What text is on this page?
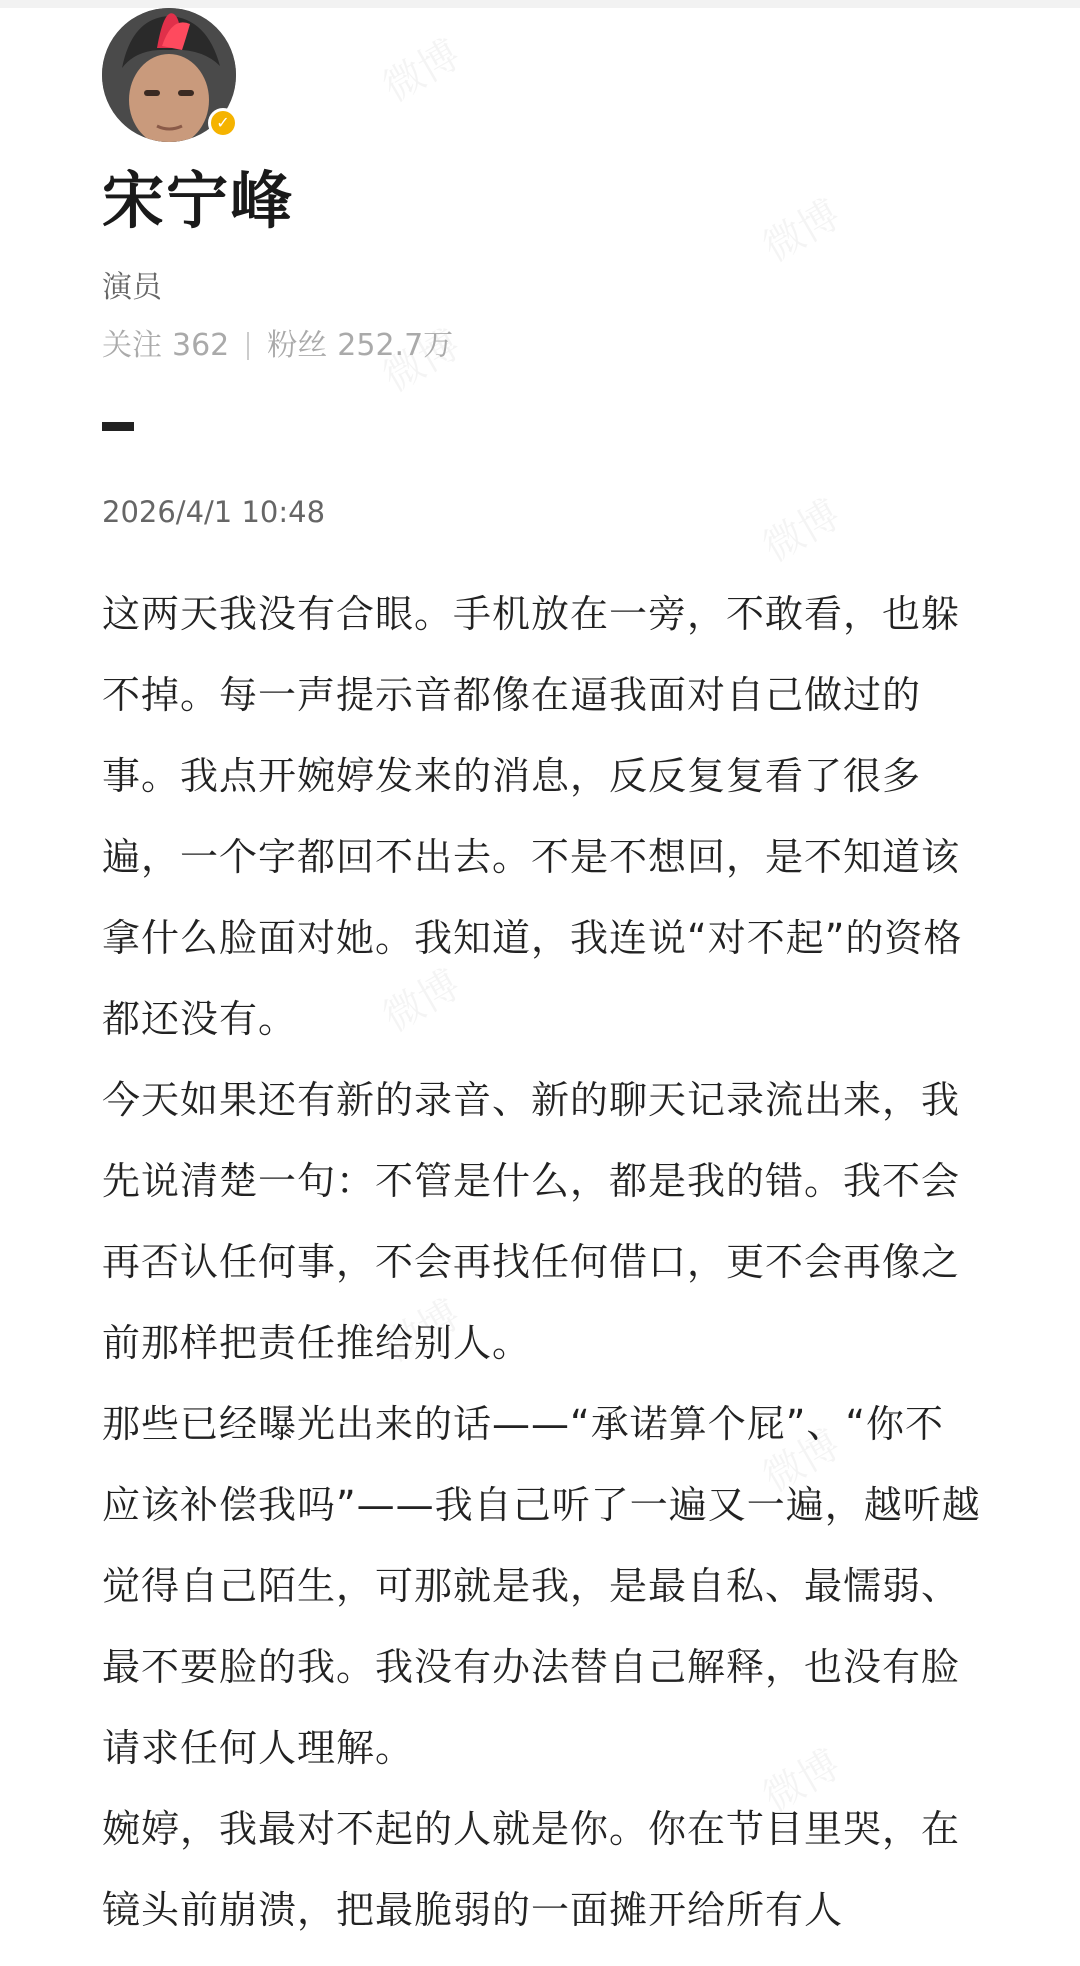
✓
宋宁峰
演员
关注 362 粉丝 252.7万
2026/4/1 10:48

这两天我没有合眼。手机放在一旁，不敢看，也躲不掉。每一声提示音都像在逼我面对自己做过的事。我点开婉婷发来的消息，反反复复看了很多遍，一个字都回不出去。不是不想回，是不知道该拿什么脸面对她。我知道，我连说“对不起”的资格都还没有。

今天如果还有新的录音、新的聊天记录流出来，我先说清楚一句：不管是什么，都是我的错。我不会再否认任何事，不会再找任何借口，更不会再像之前那样把责任推给别人。

那些已经曝光出来的话——“承诺算个屁”、“你不应该补偿我吗”——我自己听了一遍又一遍，越听越觉得自己陌生，可那就是我，是最自私、最懦弱、最不要脸的我。我没有办法替自己解释，也没有脸请求任何人理解。

婉婷，我最对不起的人就是你。你在节目里哭，在镜头前崩溃，把最脆弱的一面摊开给所有人
